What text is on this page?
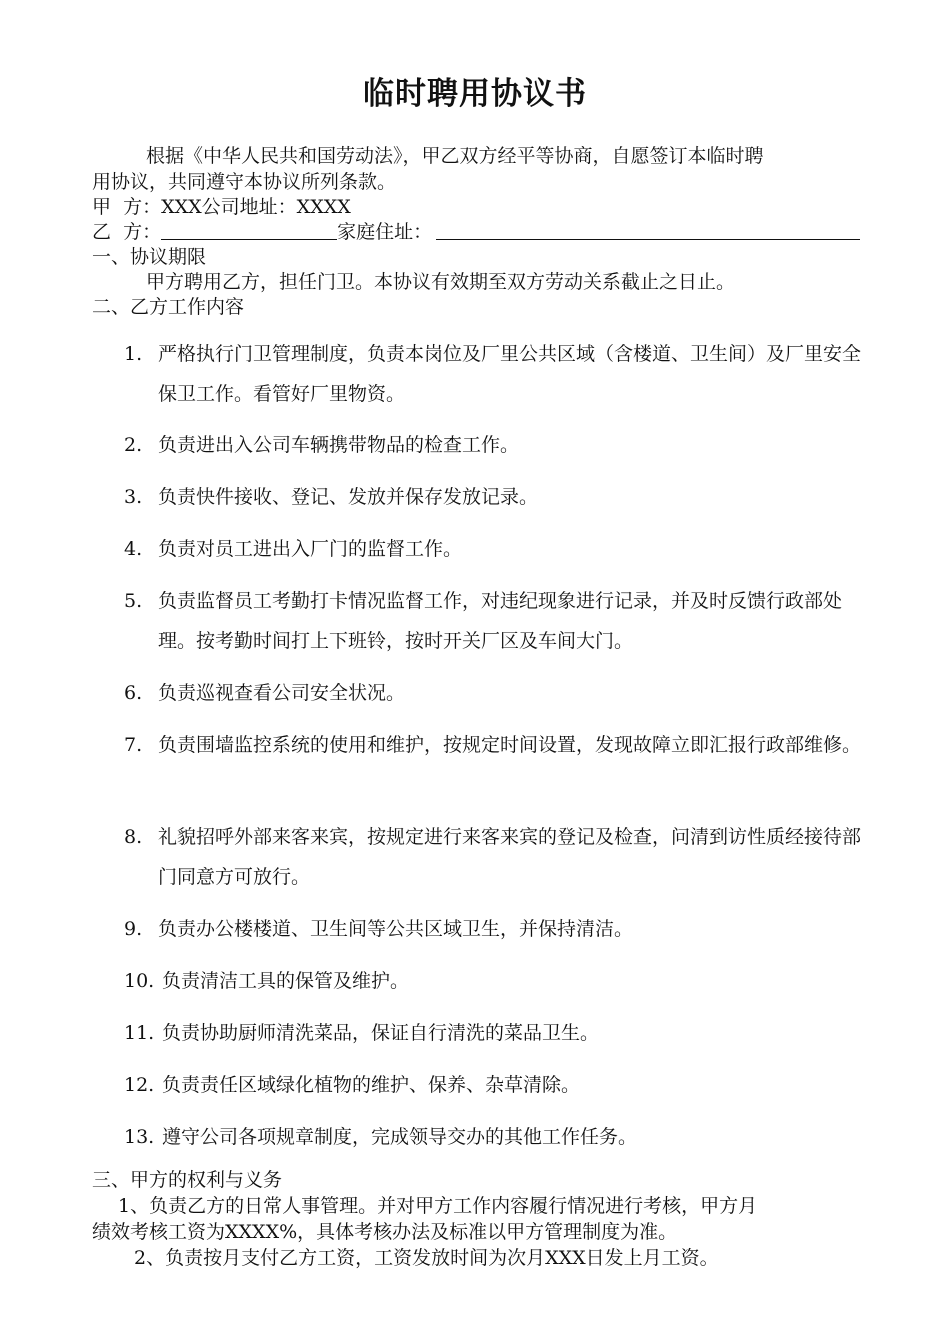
临时聘用协议书
根据《中华人民共和国劳动法》，甲乙双方经平等协商，自愿签订本临时聘
用协议，共同遵守本协议所列条款。
甲  方：XXX公司地址：XXXX
乙  方：	家庭住址：
一、协议期限
甲方聘用乙方，担任门卫。本协议有效期至双方劳动关系截止之日止。
二、乙方工作内容
1. 严格执行门卫管理制度，负责本岗位及厂里公共区域（含楼道、卫生间）及厂里安全保卫工作。看管好厂里物资。
2. 负责进出入公司车辆携带物品的检查工作。
3. 负责快件接收、登记、发放并保存发放记录。
4. 负责对员工进出入厂门的监督工作。
5. 负责监督员工考勤打卡情况监督工作，对违纪现象进行记录，并及时反馈行政部处理。按考勤时间打上下班铃，按时开关厂区及车间大门。
6. 负责巡视查看公司安全状况。
7. 负责围墙监控系统的使用和维护，按规定时间设置，发现故障立即汇报行政部维修。
8. 礼貌招呼外部来客来宾，按规定进行来客来宾的登记及检查，问清到访性质经接待部门同意方可放行。
9. 负责办公楼楼道、卫生间等公共区域卫生，并保持清洁。
10. 负责清洁工具的保管及维护。
11. 负责协助厨师清洗菜品，保证自行清洗的菜品卫生。
12. 负责责任区域绿化植物的维护、保养、杂草清除。
13. 遵守公司各项规章制度，完成领导交办的其他工作任务。
三、甲方的权利与义务
1、负责乙方的日常人事管理。并对甲方工作内容履行情况进行考核，甲方月
绩效考核工资为XXXX%，具体考核办法及标准以甲方管理制度为准。
2、负责按月支付乙方工资，工资发放时间为次月XXX日发上月工资。
